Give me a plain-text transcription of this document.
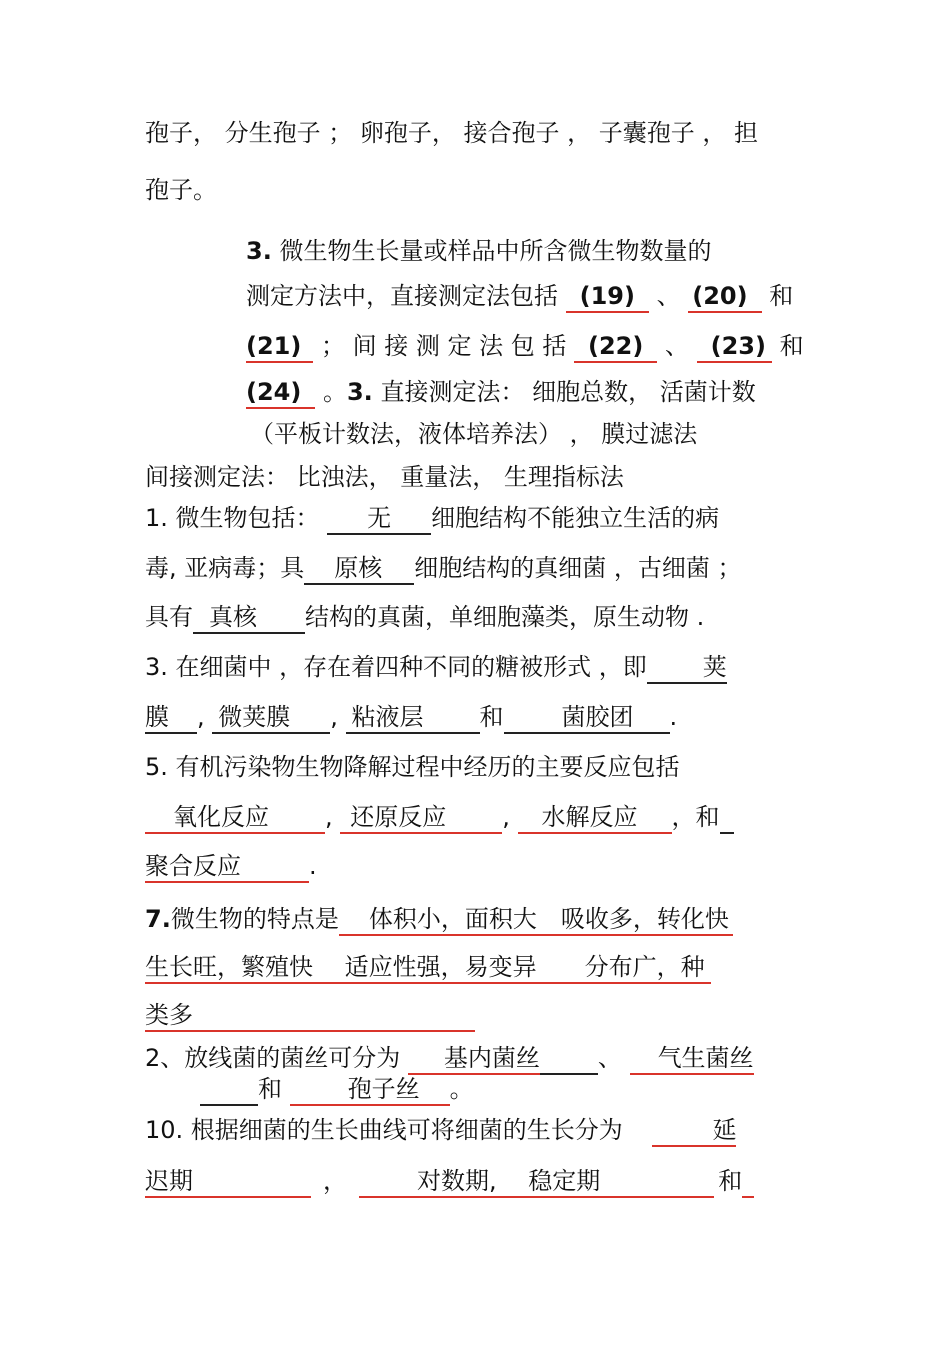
孢子， 分生孢子 ； 卵孢子， 接合孢子 ， 子囊孢子 ， 担
孢子。
3. 微生物生长量或样品中所含微生物数量的
测定方法中，直接测定法包括 (19) 、 (20) 和
(21) ； 间 接 测 定 法 包 括 (22) 、 (23) 和
(24) 。3. 直接测定法： 细胞总数， 活菌计数
（平板计数法，液体培养法） ， 膜过滤法
间接测定法： 比浊法， 重量法， 生理指标法
1. 微生物包括： 无 细胞结构不能独立生活的病
毒, 亚病毒；具 原核 细胞结构的真细菌 ，古细菌 ；
具有 真核 结构的真菌，单细胞藻类，原生动物 .
3. 在细菌中 ，存在着四种不同的糖被形式 ，即 荚
膜 , 微荚膜 , 粘液层 和 菌胶团 .
5. 有机污染物生物降解过程中经历的主要反应包括
氧化反应 , 还原反应 , 水解反应 ，和
聚合反应	.
7.微生物的特点是 体积小，面积大　吸收多，转化快
生长旺，繁殖快　 适应性强，易变异　　分布广，种
类多
2、放线菌的菌丝可分为 基内菌丝 、 气生菌丝
和	孢子丝 。
10. 根据细菌的生长曲线可将细菌的生长分为	延
迟期	，	对数期,　 稳定期	和
